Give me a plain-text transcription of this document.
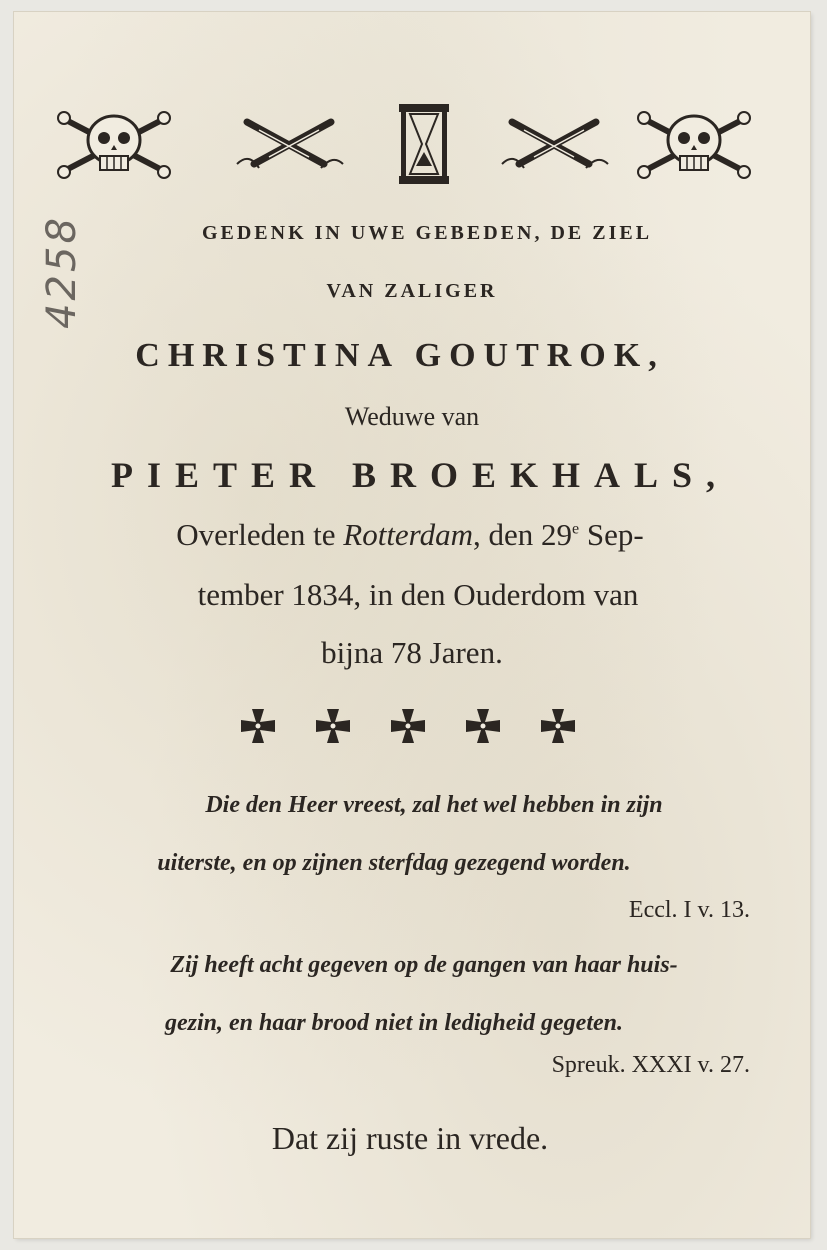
4258	GEDENK IN UWE GEBEDEN, DE ZIEL
VAN ZALIGER
CHRISTINA GOUTROK,
Weduwe van
PIETER BROEKHALS,
Overleden te Rotterdam, den 29e Sep-
tember 1834, in den Ouderdom van
bijna 78 Jaren.
Die den Heer vreest, zal het wel hebben in zijn
uiterste, en op zijnen sterfdag gezegend worden.
Eccl. I v. 13.
Zij heeft acht gegeven op de gangen van haar huis-
gezin, en haar brood niet in ledigheid gegeten.
Spreuk. XXXI v. 27.
Dat zij ruste in vrede.
